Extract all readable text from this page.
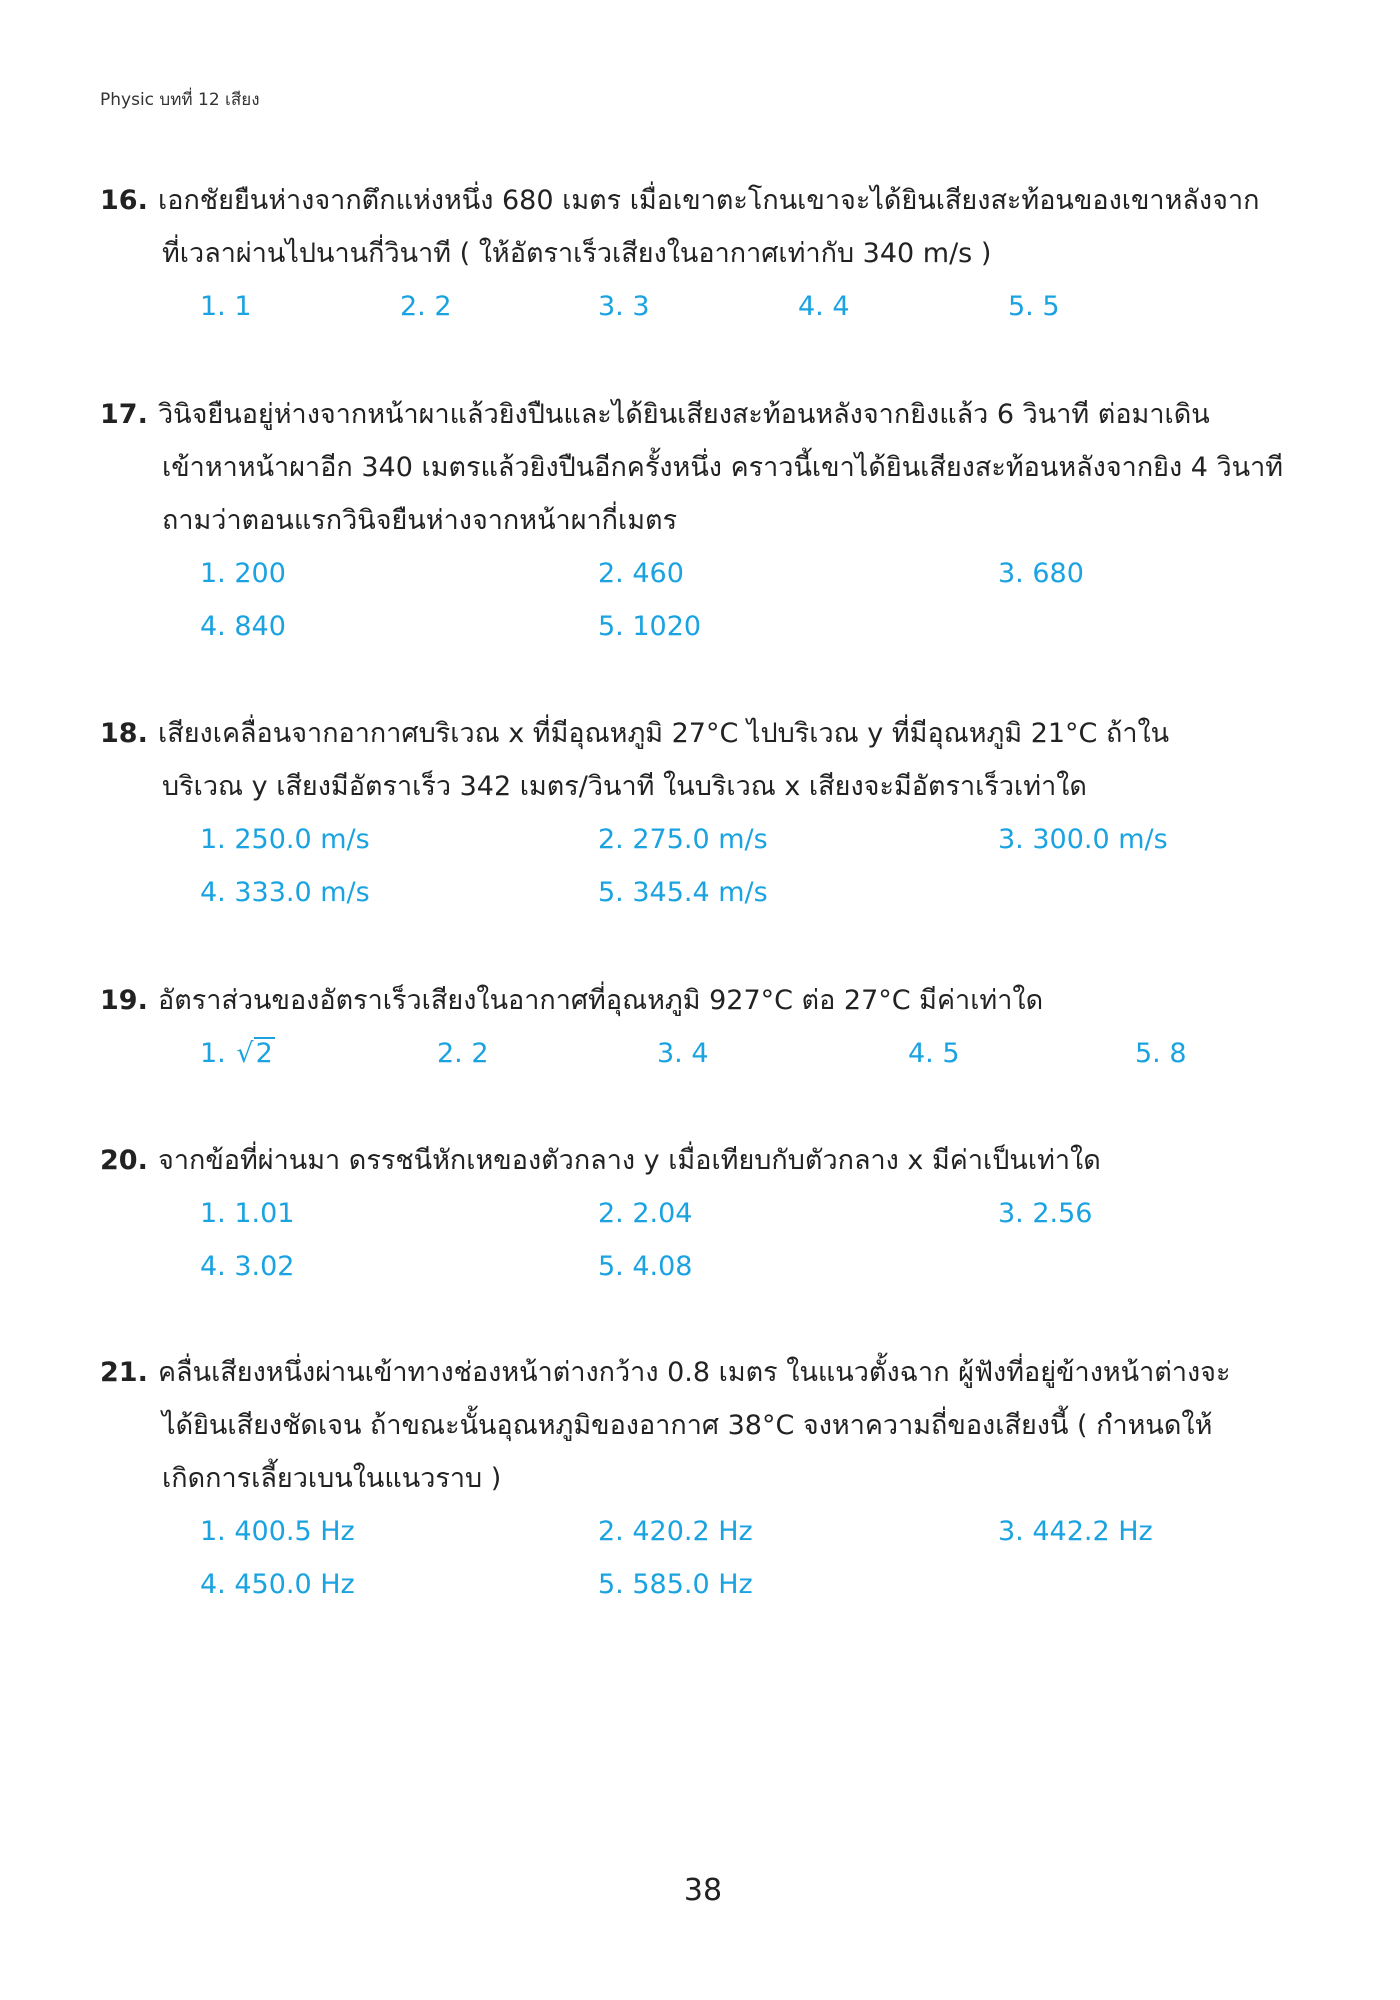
Physic บทที่ 12 เสียง
16. เอกชัยยืนห่างจากตึกแห่งหนึ่ง 680 เมตร เมื่อเขาตะโกนเขาจะได้ยินเสียงสะท้อนของเขาหลังจาก
ที่เวลาผ่านไปนานกี่วินาที ( ให้อัตราเร็วเสียงในอากาศเท่ากับ 340 m/s )
1. 1	2. 2	3. 3	4. 4	5. 5
17. วินิจยืนอยู่ห่างจากหน้าผาแล้วยิงปืนและได้ยินเสียงสะท้อนหลังจากยิงแล้ว 6 วินาที ต่อมาเดิน
เข้าหาหน้าผาอีก 340 เมตรแล้วยิงปืนอีกครั้งหนึ่ง คราวนี้เขาได้ยินเสียงสะท้อนหลังจากยิง 4 วินาที
ถามว่าตอนแรกวินิจยืนห่างจากหน้าผากี่เมตร
1. 200	2. 460	3. 680
4. 840	5. 1020
18. เสียงเคลื่อนจากอากาศบริเวณ x ที่มีอุณหภูมิ 27°C ไปบริเวณ y ที่มีอุณหภูมิ 21°C ถ้าใน
บริเวณ y เสียงมีอัตราเร็ว 342 เมตร/วินาที ในบริเวณ x เสียงจะมีอัตราเร็วเท่าใด
1. 250.0 m/s	2. 275.0 m/s	3. 300.0 m/s
4. 333.0 m/s	5. 345.4 m/s
19. อัตราส่วนของอัตราเร็วเสียงในอากาศที่อุณหภูมิ 927°C ต่อ 27°C มีค่าเท่าใด
1. √2	2. 2	3. 4	4. 5	5. 8
20. จากข้อที่ผ่านมา ดรรชนีหักเหของตัวกลาง y เมื่อเทียบกับตัวกลาง x มีค่าเป็นเท่าใด
1. 1.01	2. 2.04	3. 2.56
4. 3.02	5. 4.08
21. คลื่นเสียงหนึ่งผ่านเข้าทางช่องหน้าต่างกว้าง 0.8 เมตร ในแนวตั้งฉาก ผู้ฟังที่อยู่ข้างหน้าต่างจะ
ได้ยินเสียงชัดเจน ถ้าขณะนั้นอุณหภูมิของอากาศ 38°C จงหาความถี่ของเสียงนี้ ( กำหนดให้
เกิดการเลี้ยวเบนในแนวราบ )
1. 400.5 Hz	2. 420.2 Hz	3. 442.2 Hz
4. 450.0 Hz	5. 585.0 Hz
38
